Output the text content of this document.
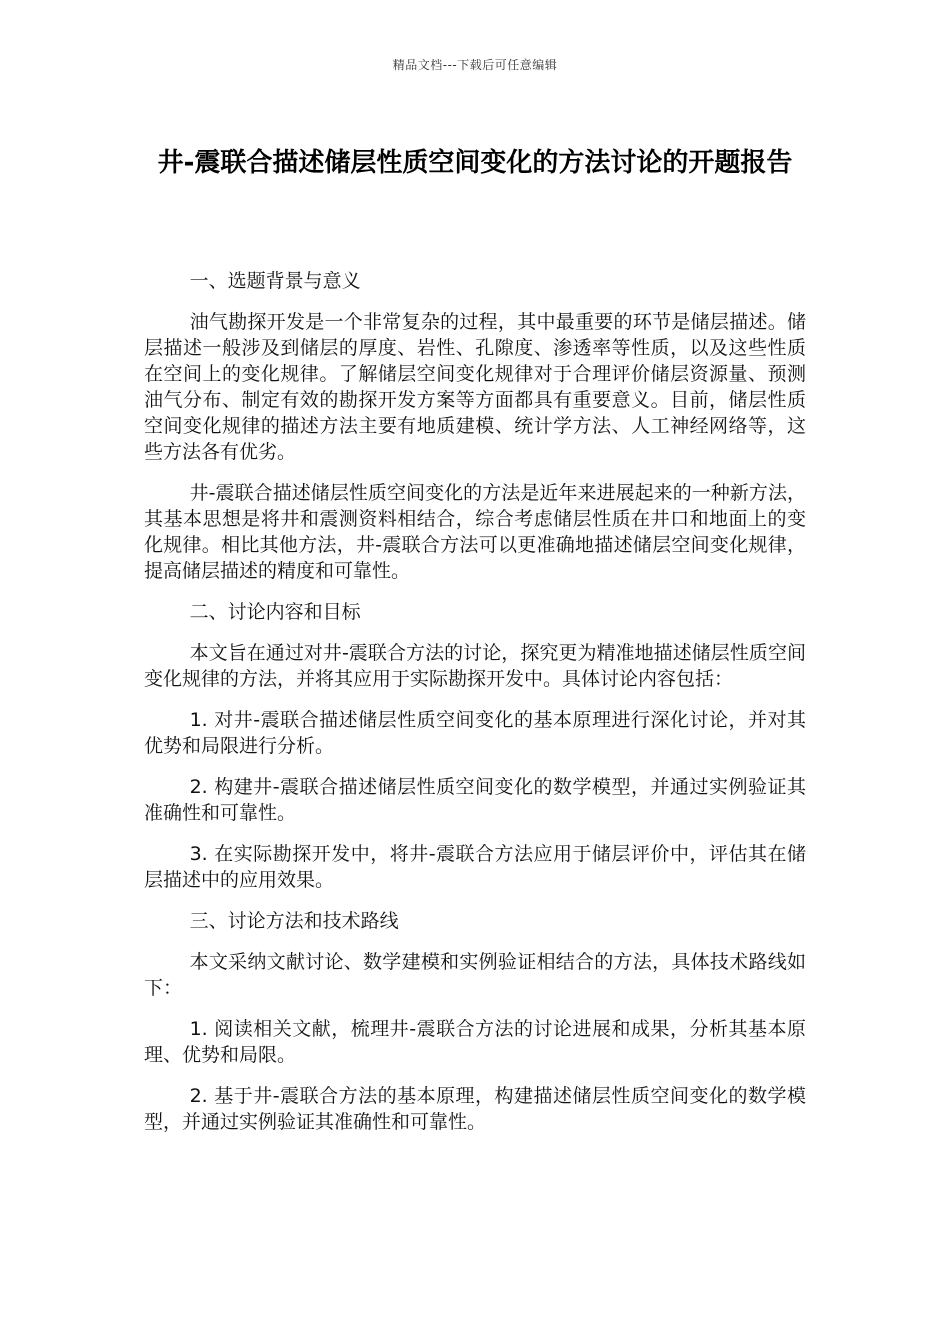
精品文档---下载后可任意编辑
井-震联合描述储层性质空间变化的方法讨论的开题报告

一、选题背景与意义

油气勘探开发是一个非常复杂的过程，其中最重要的环节是储层描述。储层描述一般涉及到储层的厚度、岩性、孔隙度、渗透率等性质，以及这些性质在空间上的变化规律。了解储层空间变化规律对于合理评价储层资源量、预测油气分布、制定有效的勘探开发方案等方面都具有重要意义。目前，储层性质空间变化规律的描述方法主要有地质建模、统计学方法、人工神经网络等，这些方法各有优劣。

井-震联合描述储层性质空间变化的方法是近年来进展起来的一种新方法，其基本思想是将井和震测资料相结合，综合考虑储层性质在井口和地面上的变化规律。相比其他方法，井-震联合方法可以更准确地描述储层空间变化规律，提高储层描述的精度和可靠性。

二、讨论内容和目标

本文旨在通过对井-震联合方法的讨论，探究更为精准地描述储层性质空间变化规律的方法，并将其应用于实际勘探开发中。具体讨论内容包括：

1. 对井-震联合描述储层性质空间变化的基本原理进行深化讨论，并对其优势和局限进行分析。

2. 构建井-震联合描述储层性质空间变化的数学模型，并通过实例验证其准确性和可靠性。

3. 在实际勘探开发中，将井-震联合方法应用于储层评价中，评估其在储层描述中的应用效果。

三、讨论方法和技术路线

本文采纳文献讨论、数学建模和实例验证相结合的方法，具体技术路线如下：

1. 阅读相关文献，梳理井-震联合方法的讨论进展和成果，分析其基本原理、优势和局限。

2. 基于井-震联合方法的基本原理，构建描述储层性质空间变化的数学模型，并通过实例验证其准确性和可靠性。
